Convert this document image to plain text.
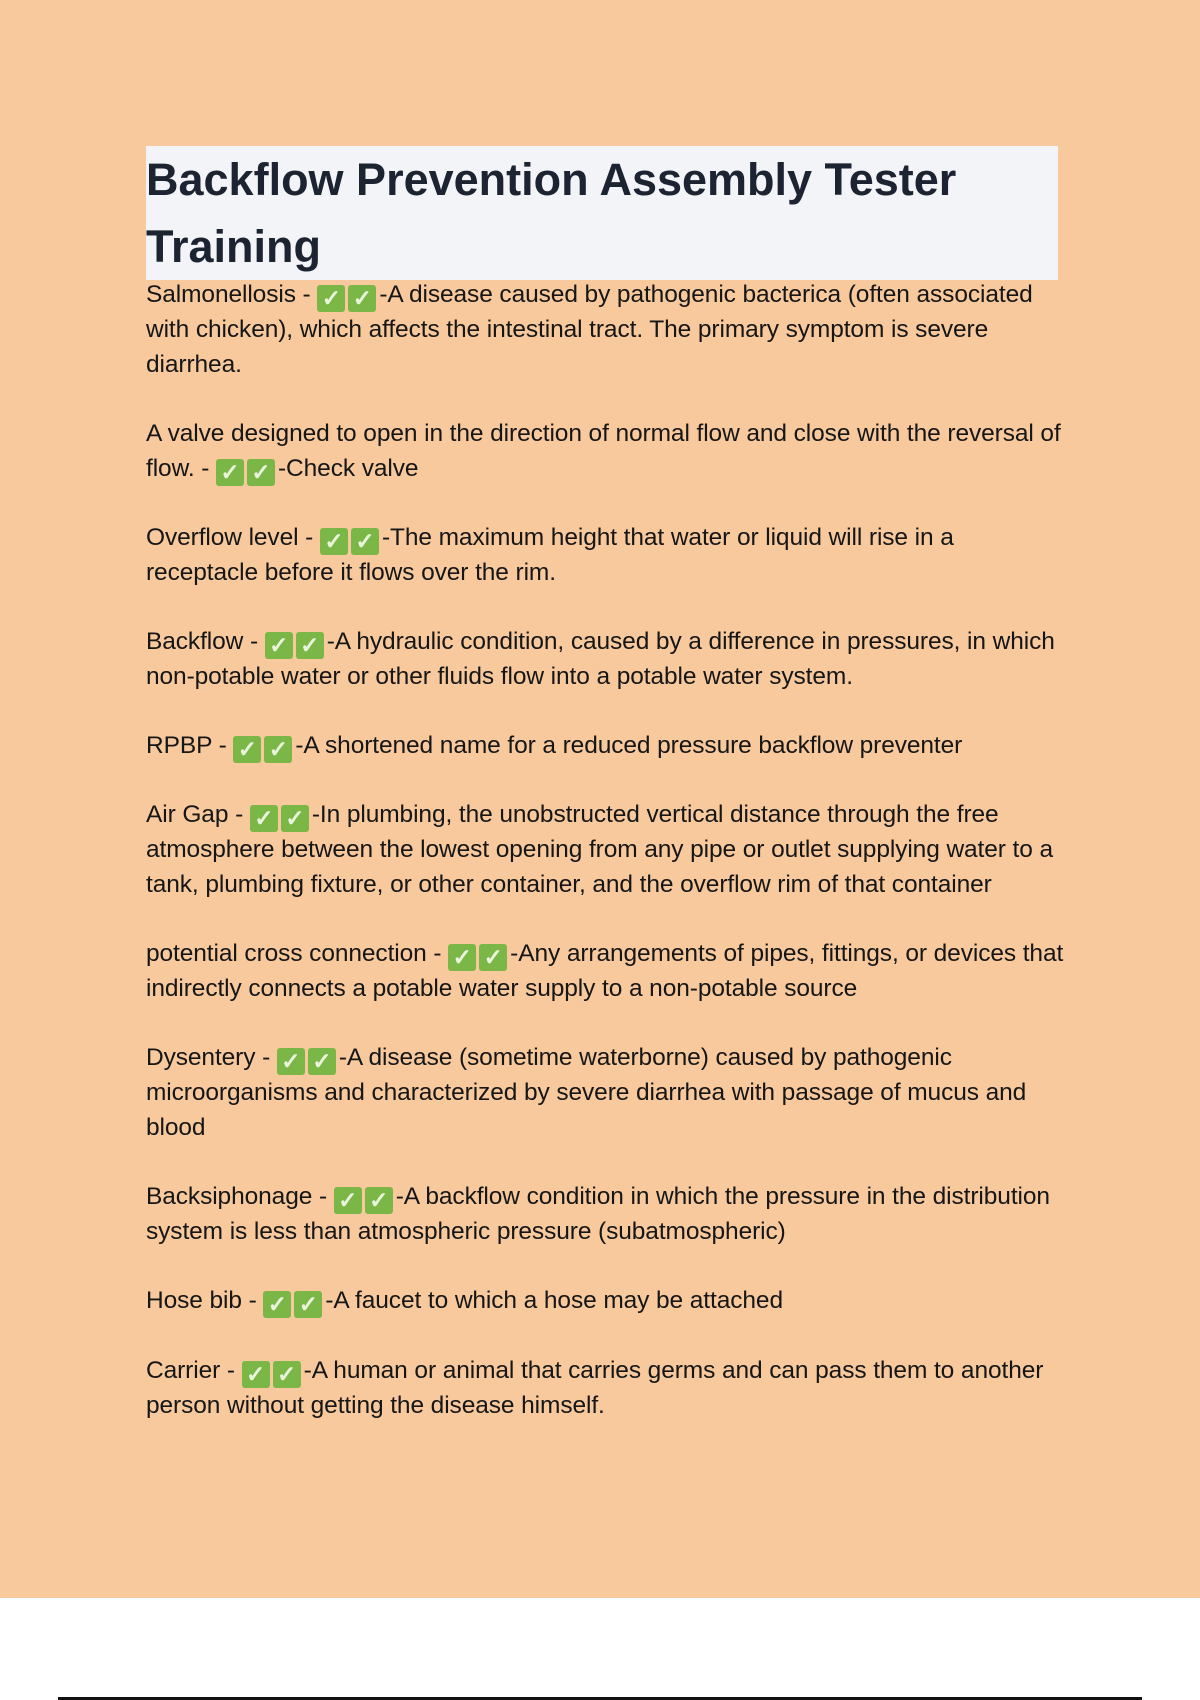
Backflow Prevention Assembly Tester Training

Salmonellosis - ✓ ✓ -A disease caused by pathogenic bacterica (often associated with chicken), which affects the intestinal tract. The primary symptom is severe diarrhea.

A valve designed to open in the direction of normal flow and close with the reversal of flow. - ✓ ✓ -Check valve

Overflow level - ✓ ✓ -The maximum height that water or liquid will rise in a receptacle before it flows over the rim.

Backflow - ✓ ✓ -A hydraulic condition, caused by a difference in pressures, in which non-potable water or other fluids flow into a potable water system.

RPBP - ✓ ✓ -A shortened name for a reduced pressure backflow preventer

Air Gap - ✓ ✓ -In plumbing, the unobstructed vertical distance through the free atmosphere between the lowest opening from any pipe or outlet supplying water to a tank, plumbing fixture, or other container, and the overflow rim of that container

potential cross connection - ✓ ✓ -Any arrangements of pipes, fittings, or devices that indirectly connects a potable water supply to a non-potable source

Dysentery - ✓ ✓ -A disease (sometime waterborne) caused by pathogenic microorganisms and characterized by severe diarrhea with passage of mucus and blood

Backsiphonage - ✓ ✓ -A backflow condition in which the pressure in the distribution system is less than atmospheric pressure (subatmospheric)

Hose bib - ✓ ✓ -A faucet to which a hose may be attached

Carrier - ✓ ✓ -A human or animal that carries germs and can pass them to another person without getting the disease himself.
